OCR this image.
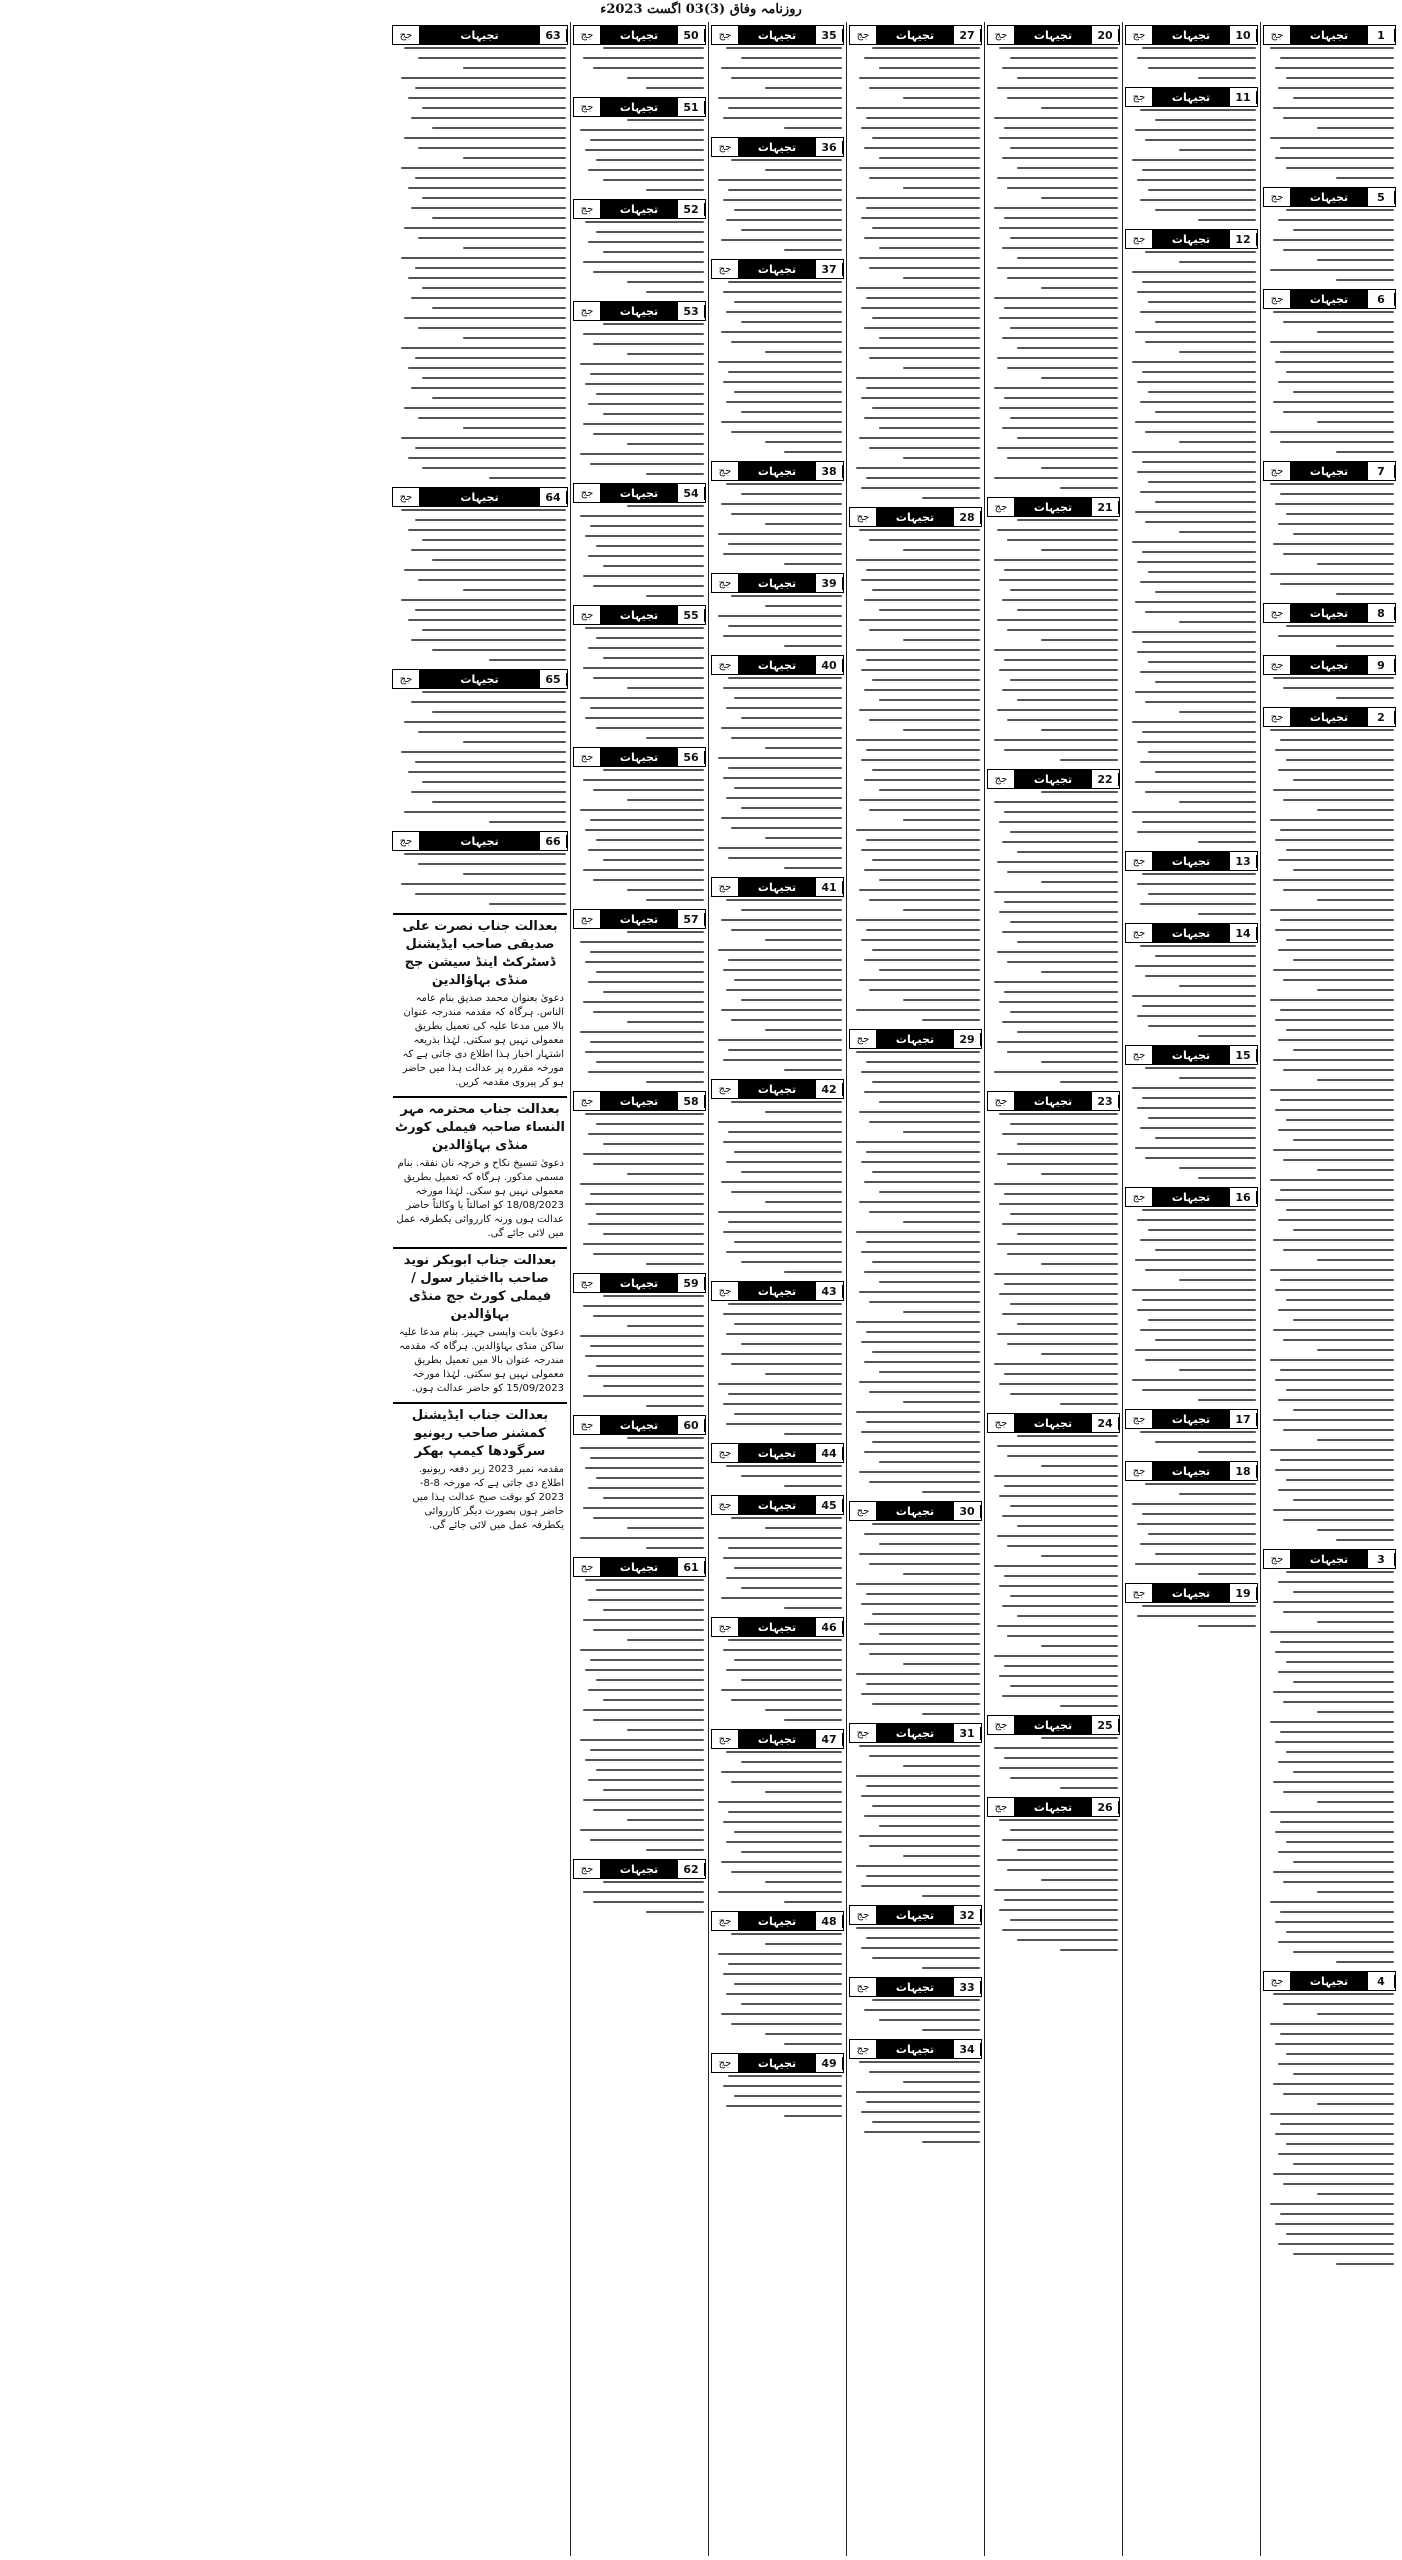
روزنامہ وفاق (3)03 اگست 2023ء
1
تجیہات
جج
5
تجیہات
جج
6
تجیہات
جج
7
تجیہات
جج
8
تجیہات
جج
9
تجیہات
جج
2
تجیہات
جج
3
تجیہات
جج
4
تجیہات
جج
10
تجیہات
جج
11
تجیہات
جج
12
تجیہات
جج
13
تجیہات
جج
14
تجیہات
جج
15
تجیہات
جج
16
تجیہات
جج
17
تجیہات
جج
18
تجیہات
جج
19
تجیہات
جج
20
تجیہات
جج
21
تجیہات
جج
22
تجیہات
جج
23
تجیہات
جج
24
تجیہات
جج
25
تجیہات
جج
26
تجیہات
جج
27
تجیہات
جج
28
تجیہات
جج
29
تجیہات
جج
30
تجیہات
جج
31
تجیہات
جج
32
تجیہات
جج
33
تجیہات
جج
34
تجیہات
جج
35
تجیہات
جج
36
تجیہات
جج
37
تجیہات
جج
38
تجیہات
جج
39
تجیہات
جج
40
تجیہات
جج
41
تجیہات
جج
42
تجیہات
جج
43
تجیہات
جج
44
تجیہات
جج
45
تجیہات
جج
46
تجیہات
جج
47
تجیہات
جج
48
تجیہات
جج
49
تجیہات
جج
50
تجیہات
جج
51
تجیہات
جج
52
تجیہات
جج
53
تجیہات
جج
54
تجیہات
جج
55
تجیہات
جج
56
تجیہات
جج
57
تجیہات
جج
58
تجیہات
جج
59
تجیہات
جج
60
تجیہات
جج
61
تجیہات
جج
62
تجیہات
جج
63
تجیہات
جج
64
تجیہات
جج
65
تجیہات
جج
66
تجیہات
جج
بعدالت جناب نصرت علی صدیقی صاحب ایڈیشنل ڈسٹرکٹ اینڈ سیشن جج منڈی بہاؤالدین
دعویٰ بعنوان محمد صدیق بنام عامہ الناس. ہرگاہ کہ مقدمہ مندرجہ عنوان بالا میں مدعا علیہ کی تعمیل بطریق معمولی نہیں ہو سکتی. لہٰذا بذریعہ اشتہار اخبار ہذا اطلاع دی جاتی ہے کہ مورخہ مقررہ پر عدالت ہذا میں حاضر ہو کر پیروی مقدمہ کریں.
بعدالت جناب محترمہ مہر النساء صاحبہ فیملی کورٹ منڈی بہاؤالدین
دعویٰ تنسیخ نکاح و خرچہ نان نفقہ. بنام مسمی مذکور. ہرگاہ کہ تعمیل بطریق معمولی نہیں ہو سکی. لہٰذا مورخہ 18/08/2023 کو اصالتاً یا وکالتاً حاضر عدالت ہوں ورنہ کارروائی یکطرفہ عمل میں لائی جائے گی.
بعدالت جناب ابوبکر نوید صاحب بااختیار سول / فیملی کورٹ جج منڈی بہاؤالدین
دعویٰ بابت واپسی جہیز. بنام مدعا علیہ ساکن منڈی بہاؤالدین. ہرگاہ کہ مقدمہ مندرجہ عنوان بالا میں تعمیل بطریق معمولی نہیں ہو سکتی. لہٰذا مورخہ 15/09/2023 کو حاضر عدالت ہوں.
بعدالت جناب ایڈیشنل کمشنر صاحب ریونیو سرگودھا کیمپ بھکر
مقدمہ نمبر 2023 زیر دفعہ ریونیو. اطلاع دی جاتی ہے کہ مورخہ 8-8-2023 کو بوقت صبح عدالت ہذا میں حاضر ہوں بصورت دیگر کارروائی یکطرفہ عمل میں لائی جائے گی.
